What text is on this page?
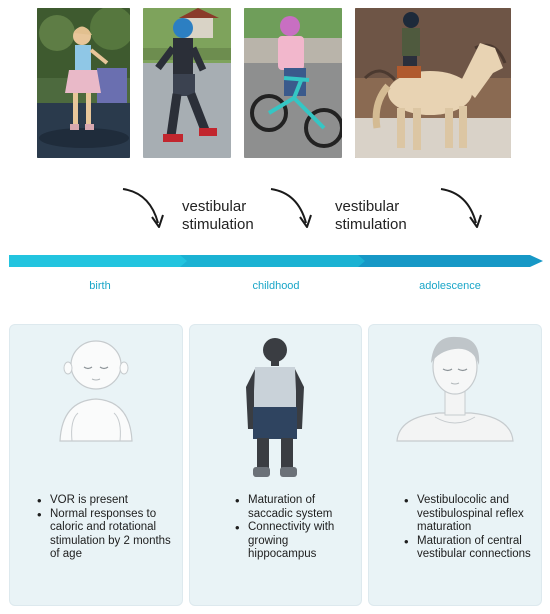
vestibular stimulation
vestibular stimulation
birth	childhood	adolescence
• VOR is present
• Normal responses to caloric and rotational stimulation by 2 months of age
• Maturation of saccadic system
• Connectivity with growing hippocampus
• Vestibulocolic and vestibulospinal reflex maturation
• Maturation of central vestibular connections
